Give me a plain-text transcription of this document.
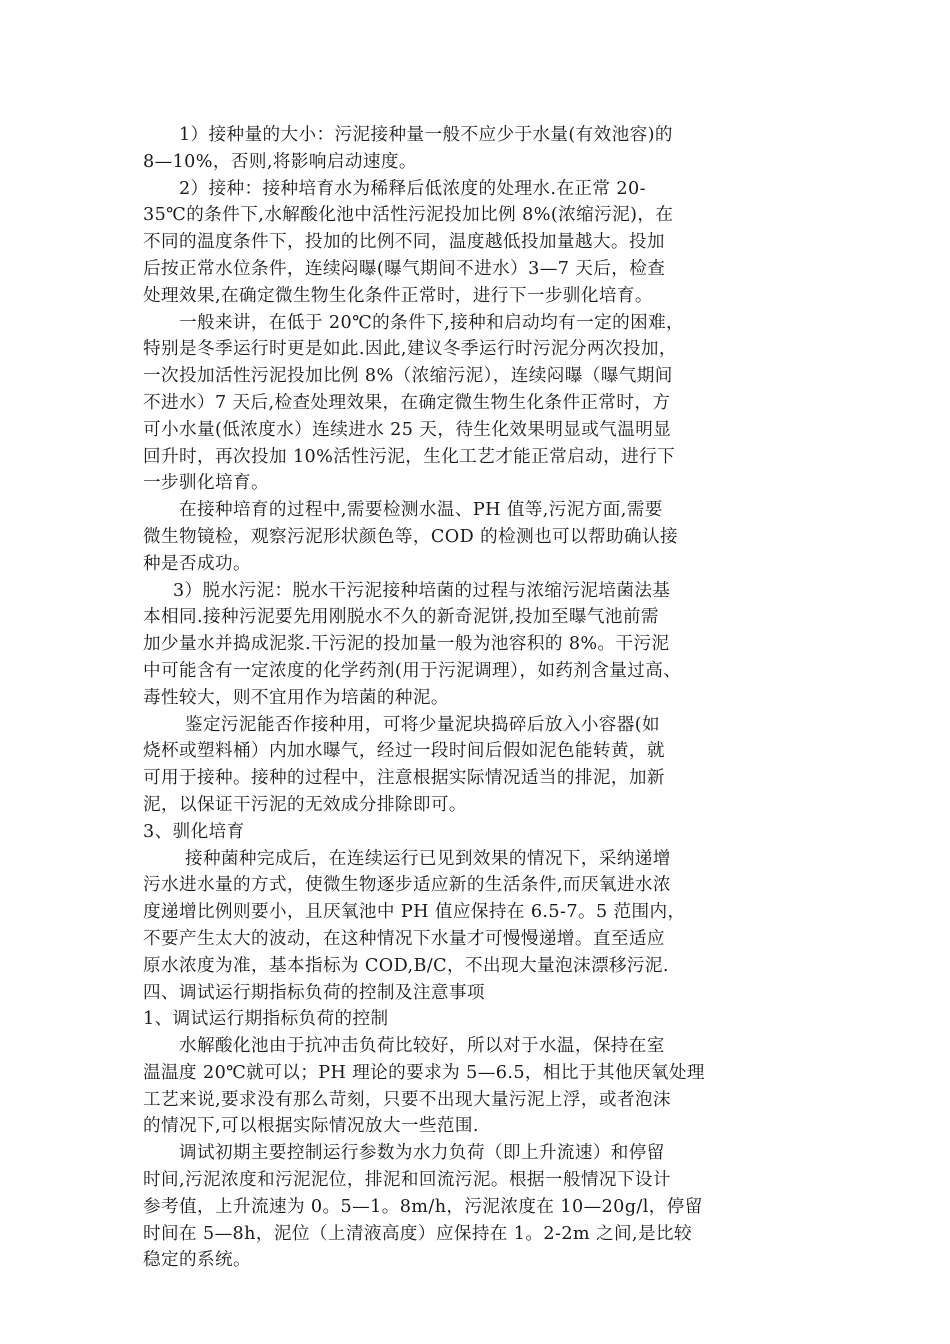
1）接种量的大小：污泥接种量一般不应少于水量(有效池容)的
8—10%，否则,将影响启动速度。
2）接种：接种培育水为稀释后低浓度的处理水.在正常 20-
35℃的条件下,水解酸化池中活性污泥投加比例 8%(浓缩污泥)，在
不同的温度条件下，投加的比例不同，温度越低投加量越大。投加
后按正常水位条件，连续闷曝(曝气期间不进水）3—7 天后，检查
处理效果,在确定微生物生化条件正常时，进行下一步驯化培育。
一般来讲，在低于 20℃的条件下,接种和启动均有一定的困难，
特别是冬季运行时更是如此.因此,建议冬季运行时污泥分两次投加，
一次投加活性污泥投加比例 8%（浓缩污泥），连续闷曝（曝气期间
不进水）7 天后,检查处理效果，在确定微生物生化条件正常时，方
可小水量(低浓度水）连续进水 25 天，待生化效果明显或气温明显
回升时，再次投加 10%活性污泥，生化工艺才能正常启动，进行下
一步驯化培育。
在接种培育的过程中,需要检测水温、PH 值等,污泥方面,需要
微生物镜检，观察污泥形状颜色等，COD 的检测也可以帮助确认接
种是否成功。
3）脱水污泥：脱水干污泥接种培菌的过程与浓缩污泥培菌法基
本相同.接种污泥要先用刚脱水不久的新奇泥饼,投加至曝气池前需
加少量水并捣成泥浆.干污泥的投加量一般为池容积的 8%。干污泥
中可能含有一定浓度的化学药剂(用于污泥调理），如药剂含量过高、
毒性较大，则不宜用作为培菌的种泥。
鉴定污泥能否作接种用，可将少量泥块捣碎后放入小容器(如
烧杯或塑料桶）内加水曝气，经过一段时间后假如泥色能转黄，就
可用于接种。接种的过程中，注意根据实际情况适当的排泥，加新
泥，以保证干污泥的无效成分排除即可。
3、驯化培育
接种菌种完成后，在连续运行已见到效果的情况下，采纳递增
污水进水量的方式，使微生物逐步适应新的生活条件,而厌氧进水浓
度递增比例则要小，且厌氧池中 PH 值应保持在 6.5-7。5 范围内，
不要产生太大的波动，在这种情况下水量才可慢慢递增。直至适应
原水浓度为准，基本指标为 COD,B/C，不出现大量泡沫漂移污泥.
四、调试运行期指标负荷的控制及注意事项
1、调试运行期指标负荷的控制
水解酸化池由于抗冲击负荷比较好，所以对于水温，保持在室
温温度 20℃就可以；PH 理论的要求为 5—6.5，相比于其他厌氧处理
工艺来说,要求没有那么苛刻，只要不出现大量污泥上浮，或者泡沫
的情况下,可以根据实际情况放大一些范围.
调试初期主要控制运行参数为水力负荷（即上升流速）和停留
时间,污泥浓度和污泥泥位，排泥和回流污泥。根据一般情况下设计
参考值，上升流速为 0。5—1。8m/h，污泥浓度在 10—20g/l，停留
时间在 5—8h，泥位（上清液高度）应保持在 1。2-2m 之间,是比较
稳定的系统。
